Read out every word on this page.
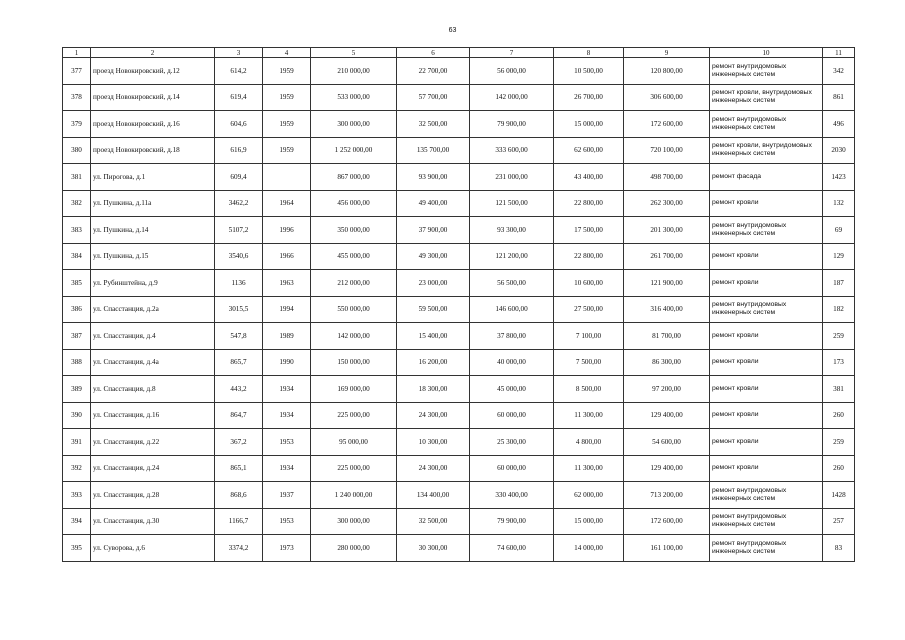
63
1	2	3	4	5	6	7	8	9	10	11
377	проезд Новокировский, д.12	614,2	1959	210 000,00	22 700,00	56 000,00	10 500,00	120 800,00	ремонт внутридомовых инженерных систем	342
378	проезд Новокировский, д.14	619,4	1959	533 000,00	57 700,00	142 000,00	26 700,00	306 600,00	ремонт кровли, внутридомовых инженерных систем	861
379	проезд Новокировский, д.16	604,6	1959	300 000,00	32 500,00	79 900,00	15 000,00	172 600,00	ремонт внутридомовых инженерных систем	496
380	проезд Новокировский, д.18	616,9	1959	1 252 000,00	135 700,00	333 600,00	62 600,00	720 100,00	ремонт кровли, внутридомовых инженерных систем	2030
381	ул. Пирогова, д.1	609,4		867 000,00	93 900,00	231 000,00	43 400,00	498 700,00	ремонт фасада	1423
382	ул. Пушкина, д.11а	3462,2	1964	456 000,00	49 400,00	121 500,00	22 800,00	262 300,00	ремонт кровли	132
383	ул. Пушкина, д.14	5107,2	1996	350 000,00	37 900,00	93 300,00	17 500,00	201 300,00	ремонт внутридомовых инженерных систем	69
384	ул. Пушкина, д.15	3540,6	1966	455 000,00	49 300,00	121 200,00	22 800,00	261 700,00	ремонт кровли	129
385	ул. Рубинштейна, д.9	1136	1963	212 000,00	23 000,00	56 500,00	10 600,00	121 900,00	ремонт кровли	187
386	ул. Спасстанция, д.2а	3015,5	1994	550 000,00	59 500,00	146 600,00	27 500,00	316 400,00	ремонт внутридомовых инженерных систем	182
387	ул. Спасстанция, д.4	547,8	1989	142 000,00	15 400,00	37 800,00	7 100,00	81 700,00	ремонт кровли	259
388	ул. Спасстанция, д.4а	865,7	1990	150 000,00	16 200,00	40 000,00	7 500,00	86 300,00	ремонт кровли	173
389	ул. Спасстанция, д.8	443,2	1934	169 000,00	18 300,00	45 000,00	8 500,00	97 200,00	ремонт кровли	381
390	ул. Спасстанция, д.16	864,7	1934	225 000,00	24 300,00	60 000,00	11 300,00	129 400,00	ремонт кровли	260
391	ул. Спасстанция, д.22	367,2	1953	95 000,00	10 300,00	25 300,00	4 800,00	54 600,00	ремонт кровли	259
392	ул. Спасстанция, д.24	865,1	1934	225 000,00	24 300,00	60 000,00	11 300,00	129 400,00	ремонт кровли	260
393	ул. Спасстанция, д.28	868,6	1937	1 240 000,00	134 400,00	330 400,00	62 000,00	713 200,00	ремонт внутридомовых инженерных систем	1428
394	ул. Спасстанция, д.30	1166,7	1953	300 000,00	32 500,00	79 900,00	15 000,00	172 600,00	ремонт внутридомовых инженерных систем	257
395	ул. Суворова, д.6	3374,2	1973	280 000,00	30 300,00	74 600,00	14 000,00	161 100,00	ремонт внутридомовых инженерных систем	83
